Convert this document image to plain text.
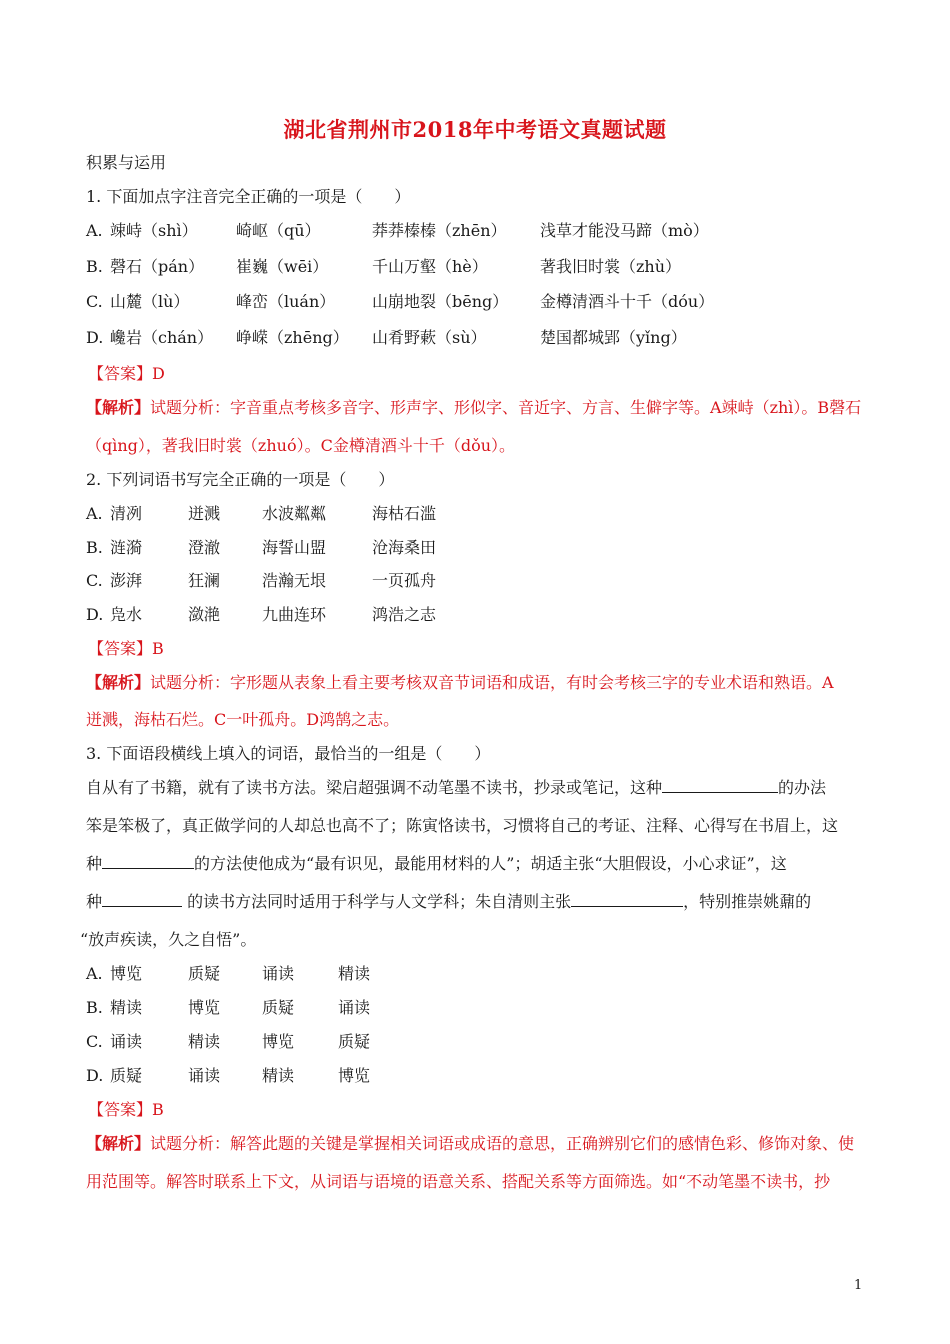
湖北省荆州市2018年中考语文真题试题
积累与运用
1. 下面加点字注音完全正确的一项是（　　）
A. 竦峙（shì） 崎岖（qū）	莽莽榛榛（zhēn） 浅草才能没马蹄（mò）
B. 磬石（pán） 崔巍（wēi）	千山万壑（hè）	著我旧时裳（zhù）
C. 山麓（lù）	峰峦（luán） 山崩地裂（bēng） 金樽清酒斗十千（dóu）
D. 巉岩（chán） 峥嵘（zhēng） 山肴野蔌（sù）	楚国都城郢（yǐng）
【答案】D
【解析】试题分析：字音重点考核多音字、形声字、形似字、音近字、方言、生僻字等。A竦峙（zhì）。B磬石
（qìng），著我旧时裳（zhuó）。C金樽清酒斗十千（dǒu）。
2. 下列词语书写完全正确的一项是（　　）
A. 清冽	迸溅	水波粼粼	海枯石滥
B. 涟漪	澄澈	海誓山盟	沧海桑田
C. 澎湃	狂澜	浩瀚无垠	一页孤舟
D. 凫水	潋滟	九曲连环	鸿浩之志
【答案】B
【解析】试题分析：字形题从表象上看主要考核双音节词语和成语，有时会考核三字的专业术语和熟语。A
迸溅，海枯石烂。C一叶孤舟。D鸿鹄之志。
3. 下面语段横线上填入的词语，最恰当的一组是（　　）
自从有了书籍，就有了读书方法。梁启超强调不动笔墨不读书，抄录或笔记，这种	的办法
笨是笨极了，真正做学问的人却总也高不了；陈寅恪读书，习惯将自己的考证、注释、心得写在书眉上，这
种	的方法使他成为“最有识见，最能用材料的人”；胡适主张“大胆假设，小心求证”，这
种	的读书方法同时适用于科学与人文学科；朱自清则主张	，特别推崇姚鼐的
“放声疾读，久之自悟”。
A. 博览	质疑	诵读	精读
B. 精读	博览	质疑	诵读
C. 诵读	精读	博览	质疑
D. 质疑	诵读	精读	博览
【答案】B
【解析】试题分析：解答此题的关键是掌握相关词语或成语的意思，正确辨别它们的感情色彩、修饰对象、使
用范围等。解答时联系上下文，从词语与语境的语意关系、搭配关系等方面筛选。如“不动笔墨不读书，抄
1
